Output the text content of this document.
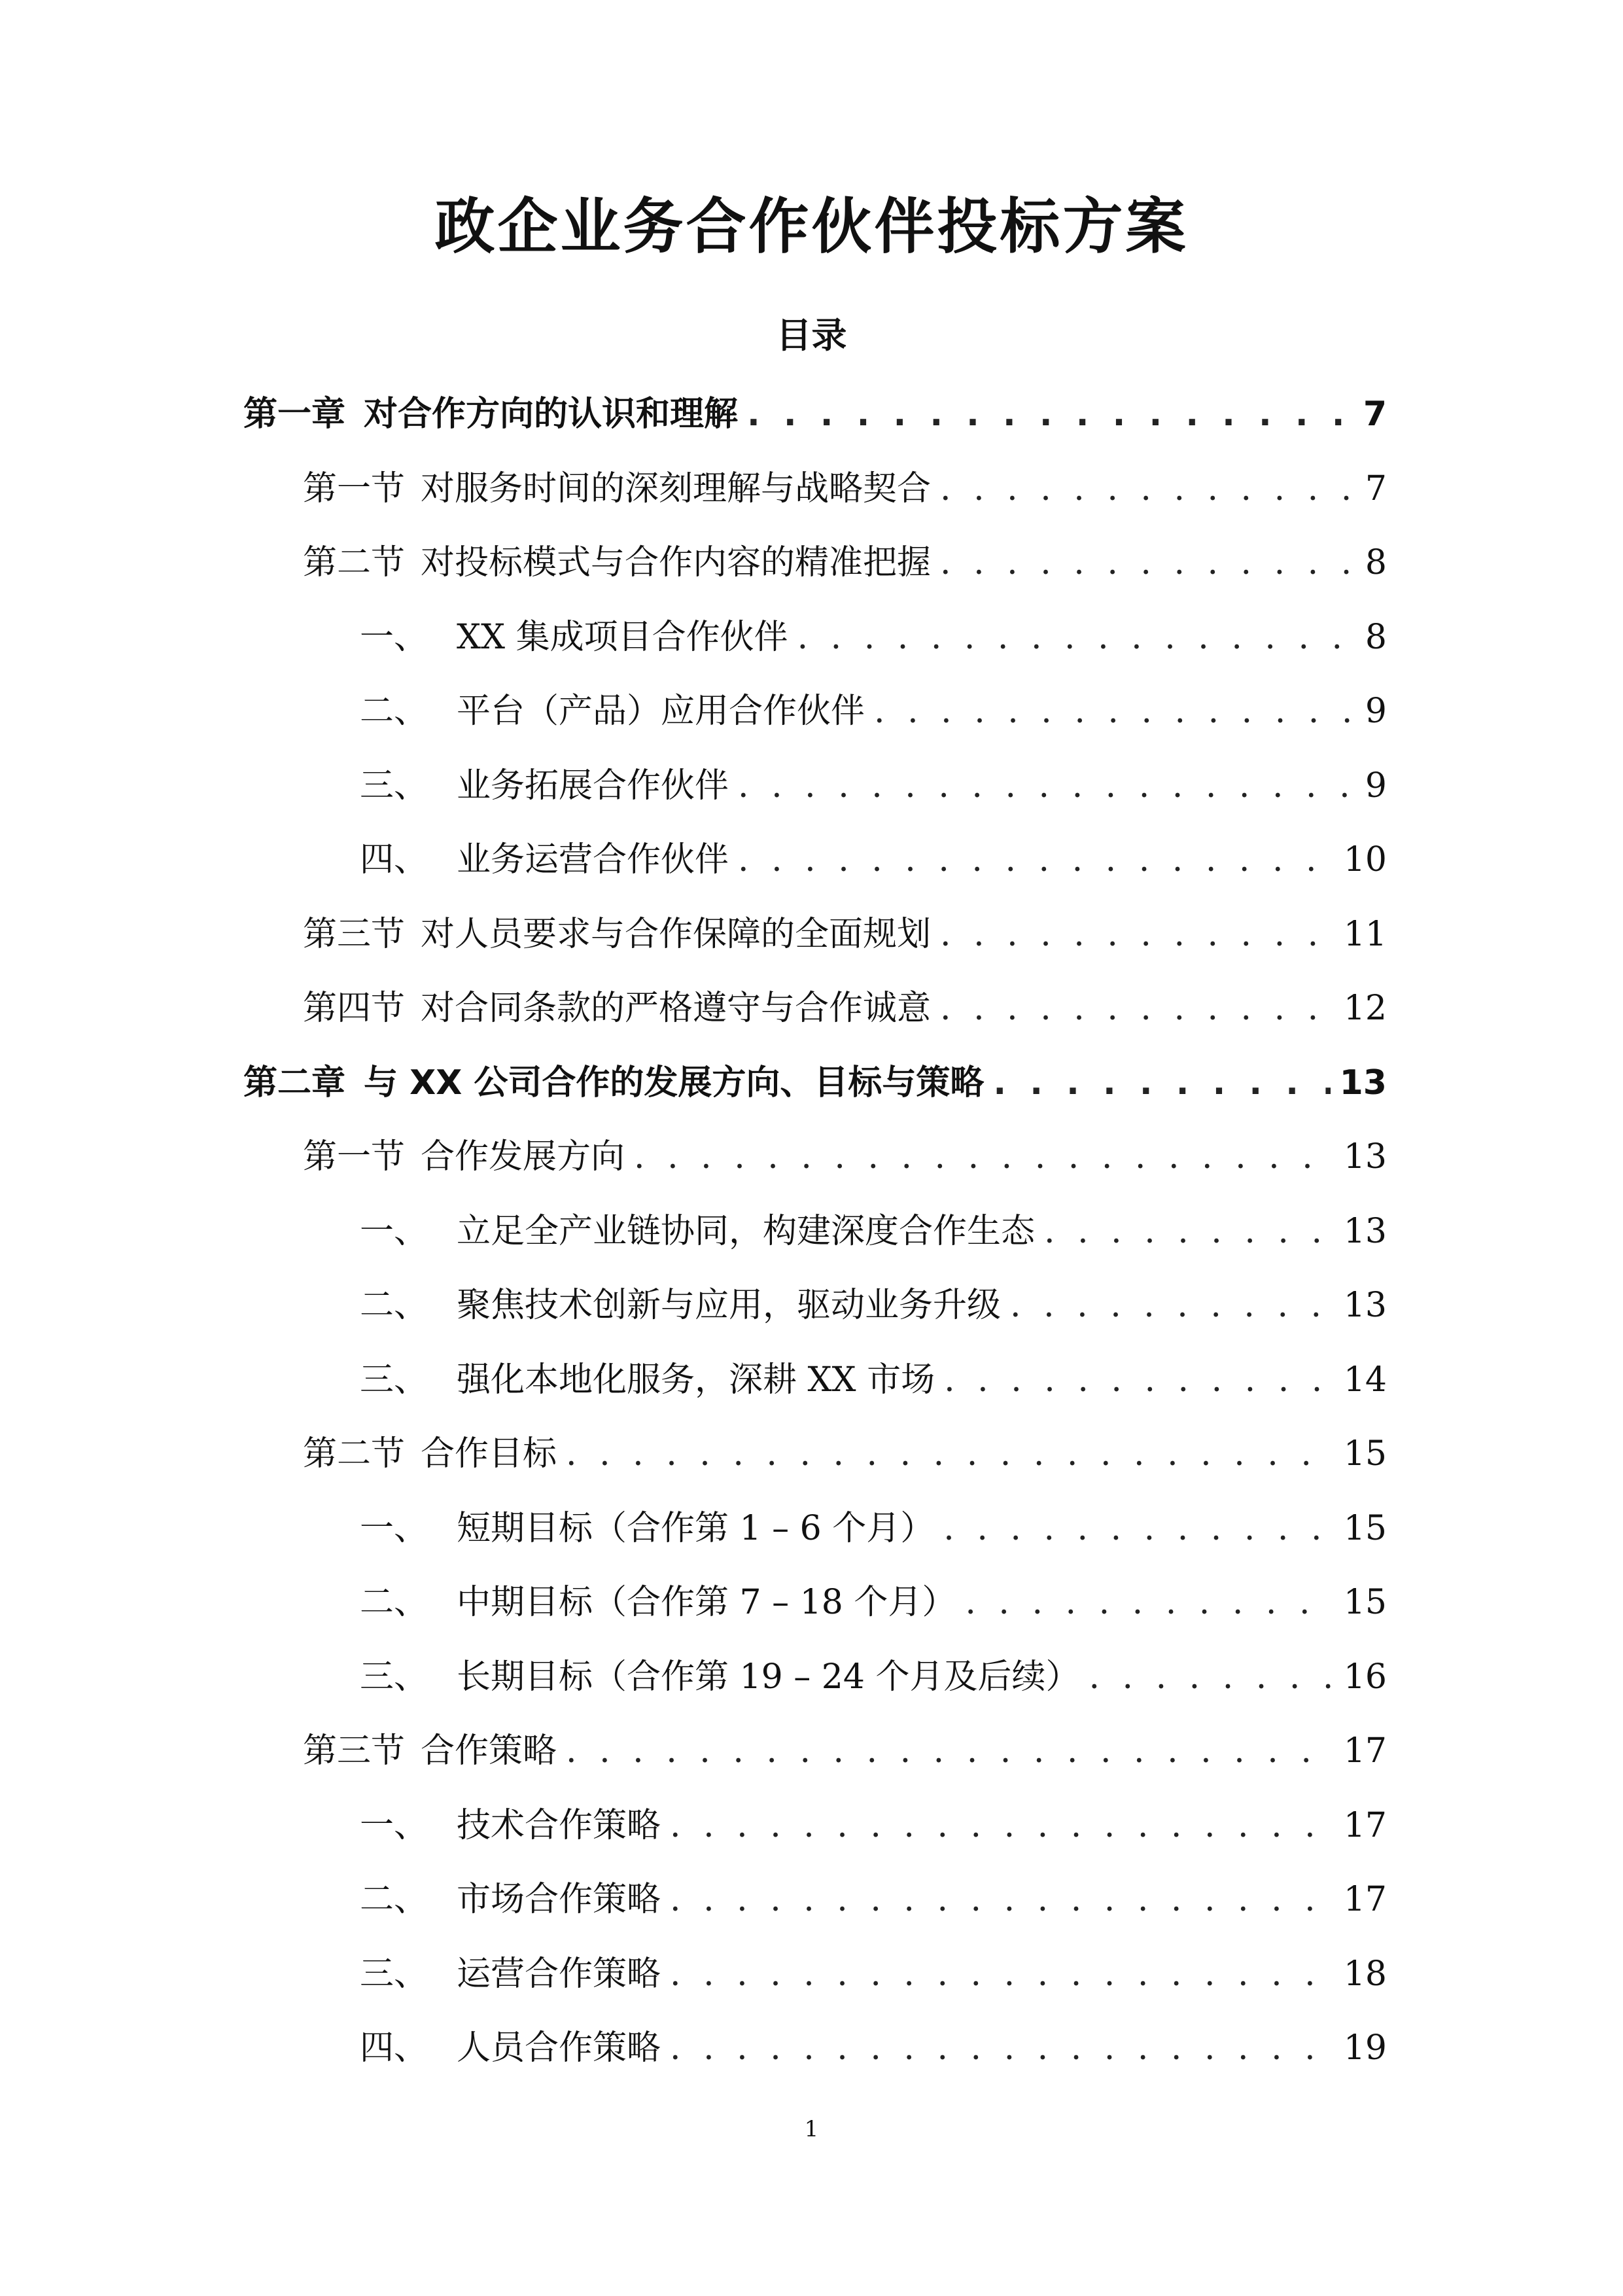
政企业务合作伙伴投标方案
目录
第一章 对合作方向的认识和理解 . . .	7
第一节 对服务时间的深刻理解与战略契合 . . .	7
第二节 对投标模式与合作内容的精准把握 . . .	8
一、 XX 集成项目合作伙伴 . . .	8
二、 平台（产品）应用合作伙伴 . . .	9
三、 业务拓展合作伙伴 . . .	9
四、 业务运营合作伙伴 . . .	10
第三节 对人员要求与合作保障的全面规划 . . .	11
第四节 对合同条款的严格遵守与合作诚意 . . .	12
第二章 与 XX 公司合作的发展方向、目标与策略 . . .	13
第一节 合作发展方向 . . .	13
一、 立足全产业链协同，构建深度合作生态 . . .	13
二、 聚焦技术创新与应用，驱动业务升级 . . .	13
三、 强化本地化服务，深耕 XX 市场 . . .	14
第二节 合作目标 . . .	15
一、 短期目标（合作第 1 – 6 个月） . . .	15
二、 中期目标（合作第 7 – 18 个月） . . .	15
三、 长期目标（合作第 19 – 24 个月及后续） . . .	16
第三节 合作策略 . . .	17
一、 技术合作策略 . . .	17
二、 市场合作策略 . . .	17
三、 运营合作策略 . . .	18
四、 人员合作策略 . . .	19
1
